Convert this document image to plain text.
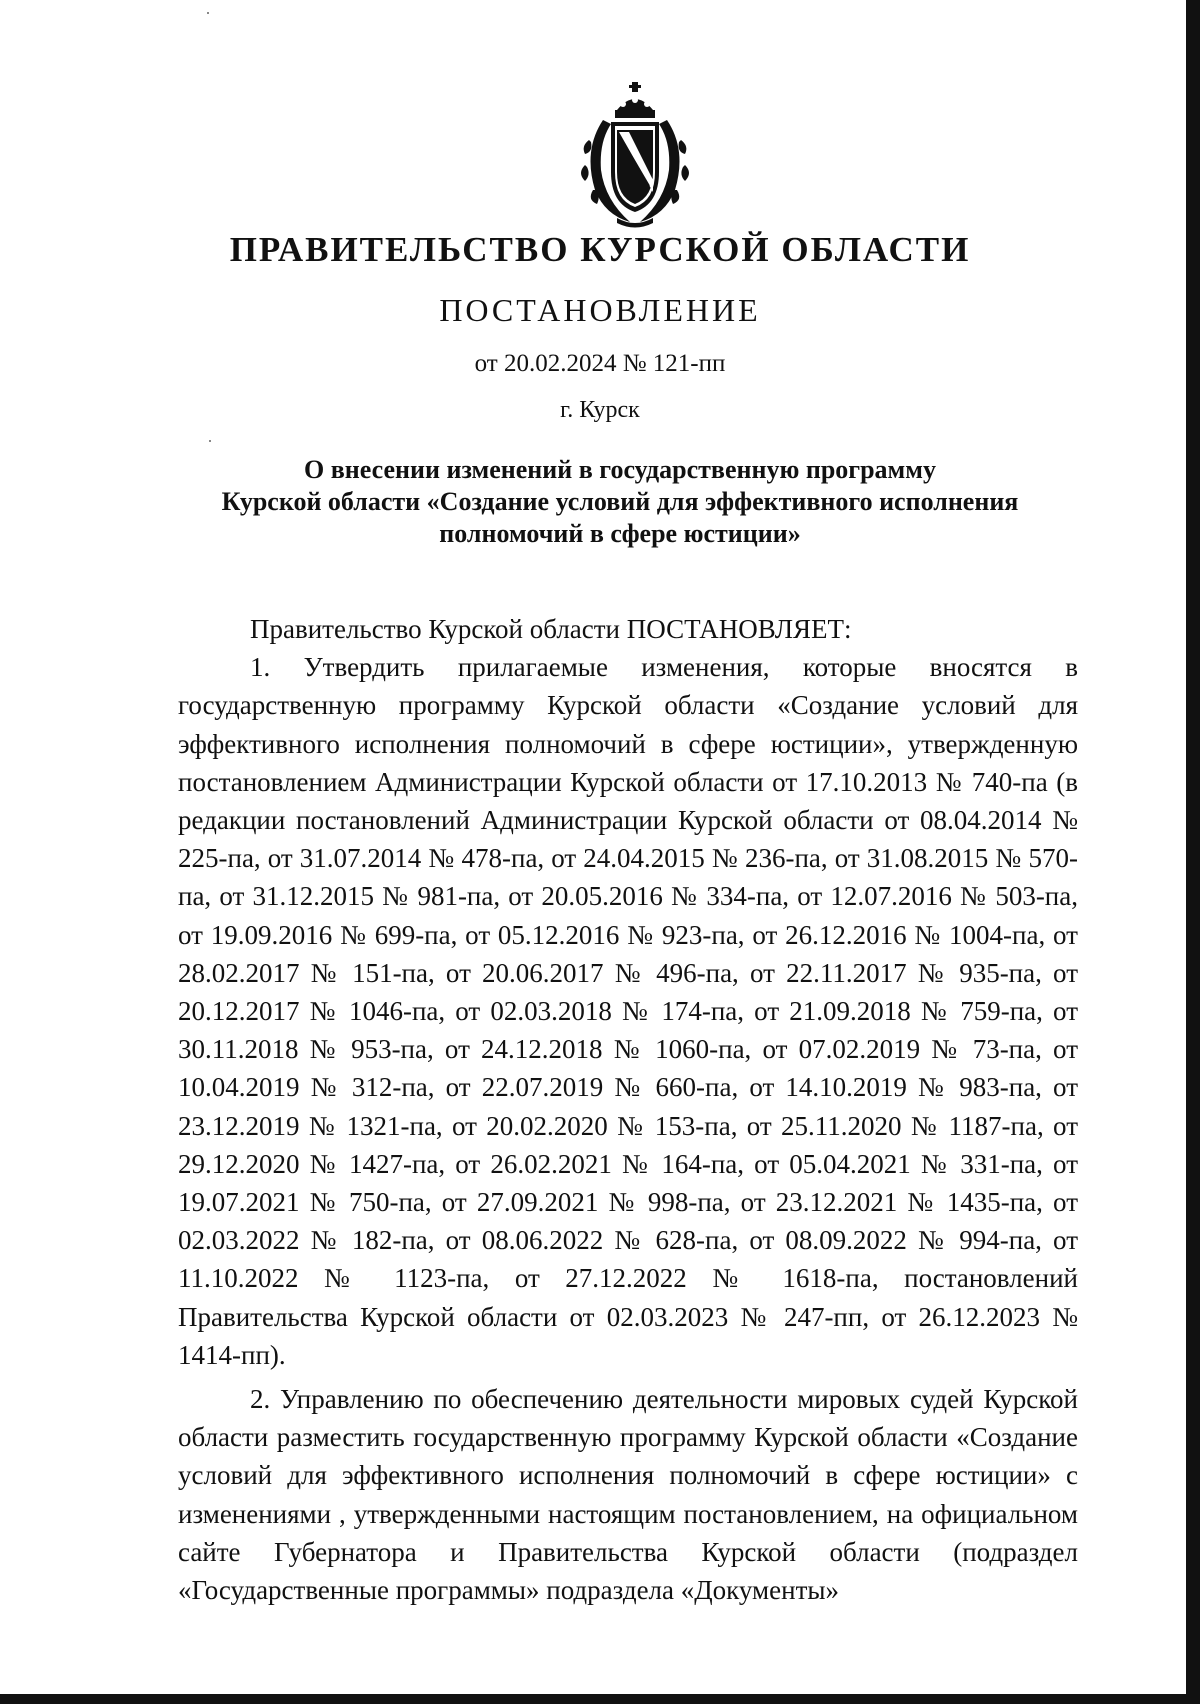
ПРАВИТЕЛЬСТВО КУРСКОЙ ОБЛАСТИ
ПОСТАНОВЛЕНИЕ
от 20.02.2024 № 121-пп
г. Курск
О внесении изменений в государственную программу
Курской области «Создание условий для эффективного исполнения
полномочий в сфере юстиции»

Правительство Курской области ПОСТАНОВЛЯЕТ:

1. Утвердить прилагаемые изменения, которые вносятся в государственную программу Курской области «Создание условий для эффективного исполнения полномочий в сфере юстиции», утвержденную постановлением Администрации Курской области от 17.10.2013 № 740-па (в редакции постановлений Администрации Курской области от 08.04.2014 № 225-па, от 31.07.2014 № 478-па, от 24.04.2015 № 236-па, от 31.08.2015 № 570-па, от 31.12.2015 № 981-па, от 20.05.2016 № 334-па, от 12.07.2016 № 503-па, от 19.09.2016 № 699-па, от 05.12.2016 № 923-па, от 26.12.2016 № 1004-па, от 28.02.2017 № 151-па, от 20.06.2017 № 496-па, от 22.11.2017 № 935-па, от 20.12.2017 № 1046-па, от 02.03.2018 № 174-па, от 21.09.2018 № 759-па, от 30.11.2018 № 953-па, от 24.12.2018 № 1060-па, от 07.02.2019 № 73-па, от 10.04.2019 № 312-па, от 22.07.2019 № 660-па, от 14.10.2019 № 983-па, от 23.12.2019 № 1321-па, от 20.02.2020 № 153-па, от 25.11.2020 № 1187-па, от 29.12.2020 № 1427-па, от 26.02.2021 № 164-па, от 05.04.2021 № 331-па, от 19.07.2021 № 750-па, от 27.09.2021 № 998-па, от 23.12.2021 № 1435-па, от 02.03.2022 № 182-па, от 08.06.2022 № 628-па, от 08.09.2022 № 994-па, от 11.10.2022 № 1123-па, от 27.12.2022 № 1618-па, постановлений Правительства Курской области от 02.03.2023 № 247-пп, от 26.12.2023 № 1414-пп).

2. Управлению по обеспечению деятельности мировых судей Курской области разместить государственную программу Курской области «Создание условий для эффективного исполнения полномочий в сфере юстиции» с изменениями , утвержденными настоящим постановлением, на официальном сайте Губернатора и Правительства Курской области (подраздел «Государственные программы» подраздела «Документы»
